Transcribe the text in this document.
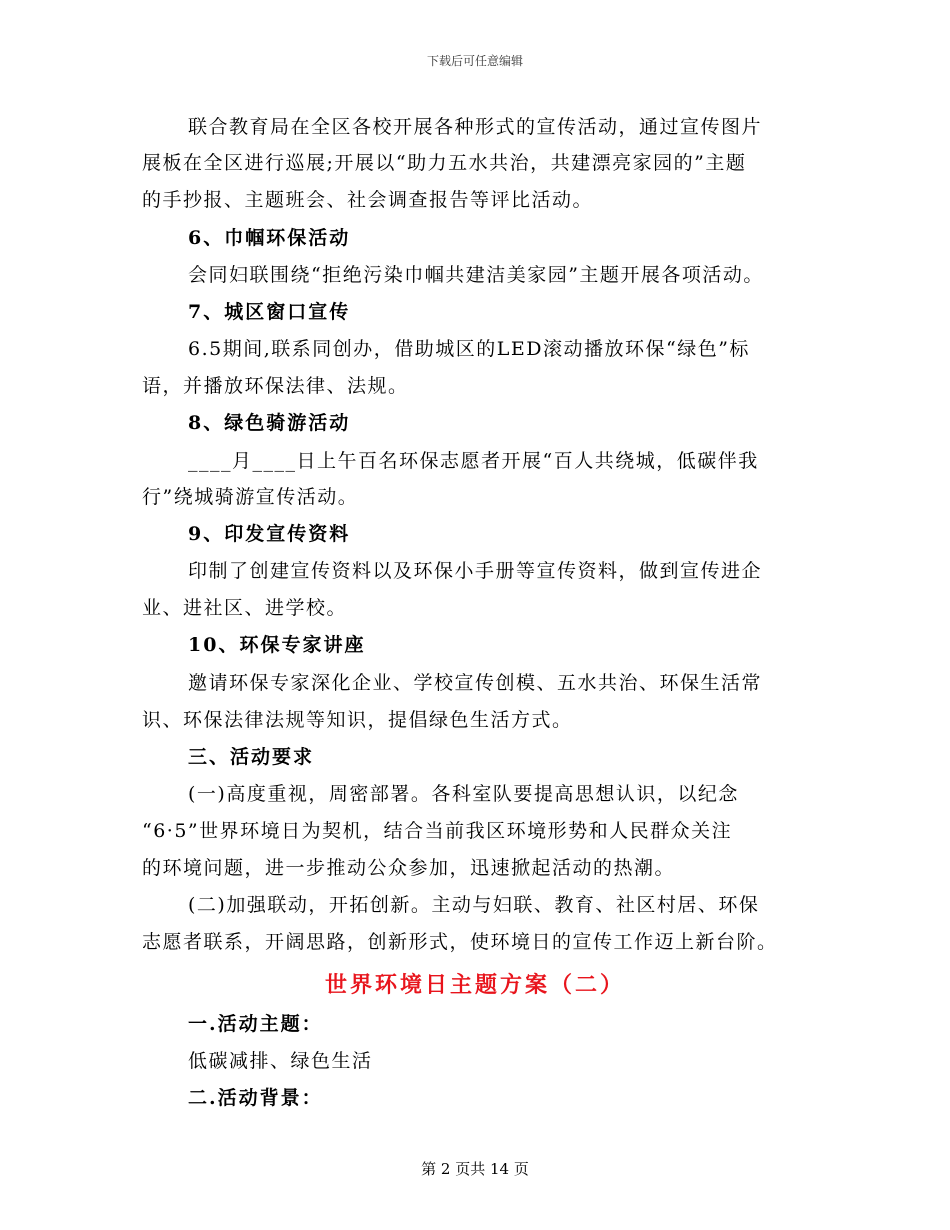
下载后可任意编辑
联合教育局在全区各校开展各种形式的宣传活动，通过宣传图片
展板在全区进行巡展;开展以“助力五水共治，共建漂亮家园的”主题
的手抄报、主题班会、社会调查报告等评比活动。
6、巾帼环保活动
会同妇联围绕“拒绝污染巾帼共建洁美家园”主题开展各项活动。
7、城区窗口宣传
6.5期间,联系同创办，借助城区的LED滚动播放环保“绿色”标
语，并播放环保法律、法规。
8、绿色骑游活动
____月____日上午百名环保志愿者开展“百人共绕城，低碳伴我
行”绕城骑游宣传活动。
9、印发宣传资料
印制了创建宣传资料以及环保小手册等宣传资料，做到宣传进企
业、进社区、进学校。
10、环保专家讲座
邀请环保专家深化企业、学校宣传创模、五水共治、环保生活常
识、环保法律法规等知识，提倡绿色生活方式。
三、活动要求
(一)高度重视，周密部署。各科室队要提高思想认识，以纪念
“6·5”世界环境日为契机，结合当前我区环境形势和人民群众关注
的环境问题，进一步推动公众参加，迅速掀起活动的热潮。
(二)加强联动，开拓创新。主动与妇联、教育、社区村居、环保
志愿者联系，开阔思路，创新形式，使环境日的宣传工作迈上新台阶。
世界环境日主题方案（二）
一.活动主题：
低碳减排、绿色生活
二.活动背景：
第 2 页共 14 页
